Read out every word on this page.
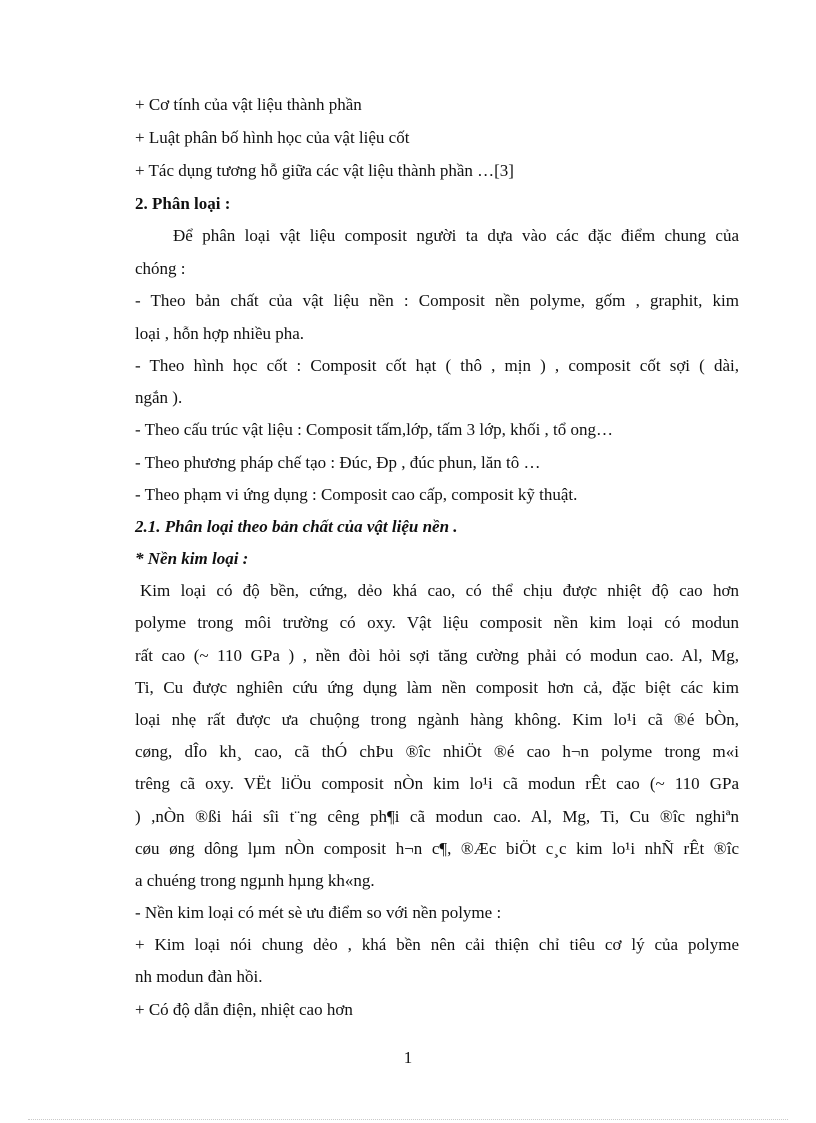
+ Cơ tính của vật liệu thành phần
+ Luật phân bố hình học của vật liệu cốt
+ Tác dụng tương hỗ giữa các vật liệu thành phần …[3]
2. Phân loại :
Để phân loại vật liệu composit người ta dựa vào các đặc điểm chung của
chóng :
- Theo bản chất của vật liệu nền : Composit nền polyme, gốm , graphit, kim
loại , hỗn hợp nhiều pha.
- Theo hình học cốt : Composit cốt hạt ( thô , mịn ) , composit cốt sợi ( dài,
ngắn ).
- Theo cấu trúc vật liệu : Composit tấm,lớp, tấm 3 lớp, khối , tổ ong…
- Theo phương pháp chế tạo : Đúc, Đp , đúc phun, lăn tô …
- Theo phạm vi ứng dụng : Composit cao cấp, composit kỹ thuật.
2.1. Phân loại theo bản chất của vật liệu nền .
* Nền kim loại :
Kim loại có độ bền, cứng, dẻo khá cao, có thể chịu được nhiệt độ cao hơn
polyme trong môi trường có oxy. Vật liệu composit nền kim loại có modun
rất cao (~ 110 GPa ) , nền đòi hỏi sợi tăng cường phải có modun cao. Al, Mg,
Ti, Cu được nghiên cứu ứng dụng làm nền composit hơn cả, đặc biệt các kim
loại nhẹ rất được ưa chuộng trong ngành hàng không. Kim lo¹i cã ®é bÒn,
cøng, dÎo kh¸ cao, cã thÓ chÞu ®îc nhiÖt ®é cao h¬n polyme trong m«i
trêng cã oxy. VËt liÖu composit nÒn kim lo¹i cã modun rÊt cao (~ 110 GPa
) ,nÒn ®ßi hái sîi t¨ng cêng ph¶i cã modun cao. Al, Mg, Ti, Cu ®îc nghiªn
cøu øng dông lµm nÒn composit h¬n c¶, ®Æc biÖt c¸c kim lo¹i nhÑ rÊt ®îc
a chuéng trong ngµnh hµng kh«ng.
- Nền kim loại có mét sè ưu điểm so với nền polyme :
+ Kim loại nói chung dẻo , khá bền nên cải thiện chỉ tiêu cơ lý của polyme
nh modun đàn hồi.
+ Có độ dẫn điện, nhiệt cao hơn
1
